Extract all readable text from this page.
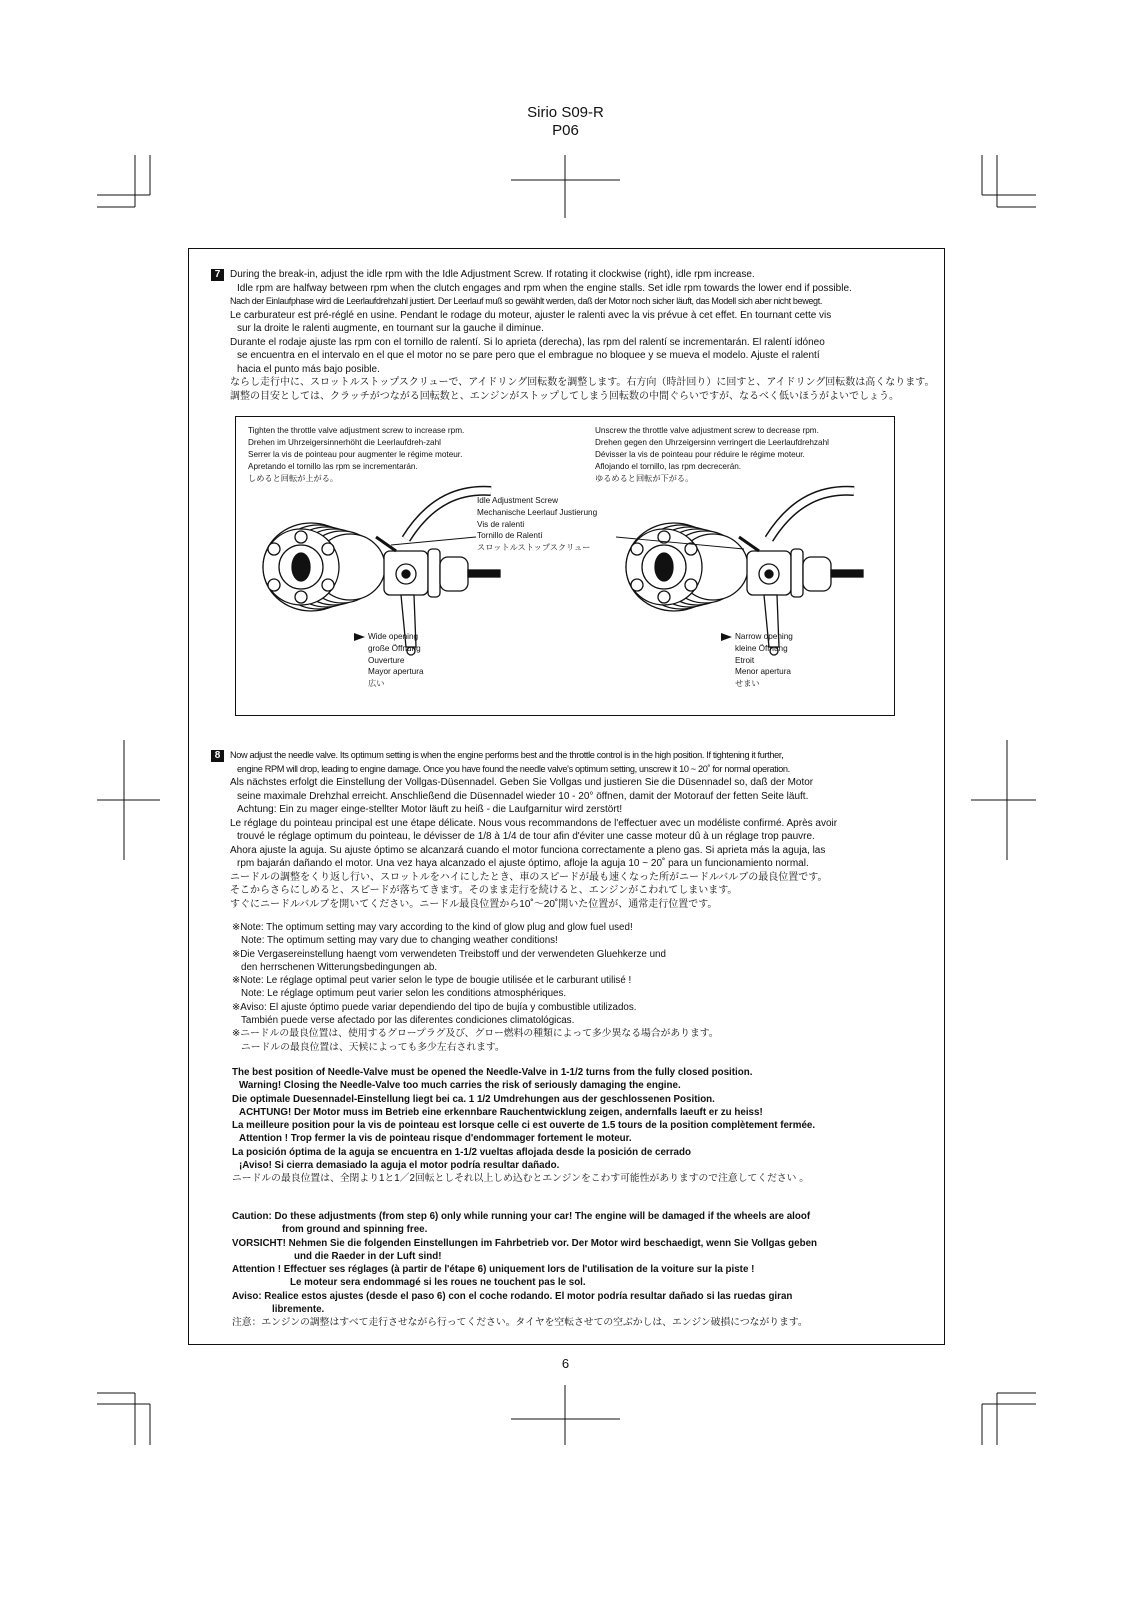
Sirio S09-R
P06
7 During the break-in, adjust the idle rpm with the Idle Adjustment Screw. If rotating it clockwise (right), idle rpm increase.
Idle rpm are halfway between rpm when the clutch engages and rpm when the engine stalls. Set idle rpm towards the lower end if possible.
Nach der Einlaufphase wird die Leerlaufdrehzahl justiert. Der Leerlauf muß so gewählt werden, daß der Motor noch sicher läuft, das Modell sich aber nicht bewegt.
Le carburateur est pré-réglé en usine. Pendant le rodage du moteur, ajuster le ralenti avec la vis prévue à cet effet. En tournant cette vis
sur la droite le ralenti augmente, en tournant sur la gauche il diminue.
Durante el rodaje ajuste las rpm con el tornillo de ralentí. Si lo aprieta (derecha), las rpm del ralentí se incrementarán. El ralentí idóneo
se encuentra en el intervalo en el que el motor no se pare pero que el embrague no bloquee y se mueva el modelo. Ajuste el ralentí
hacia el punto más bajo posible.
ならし走行中に、スロットルストップスクリューで、アイドリング回転数を調整します。右方向（時計回り）に回すと、アイドリング回転数は高くなります。
調整の目安としては、クラッチがつながる回転数と、エンジンがストップしてしまう回転数の中間ぐらいですが、なるべく低いほうがよいでしょう。
Tighten the throttle valve adjustment screw to increase rpm.
Drehen im Uhrzeigersinnerhöht die Leerlaufdreh-zahl
Serrer la vis de pointeau pour augmenter le régime moteur.
Apretando el tornillo las rpm se incrementarán.
しめると回転が上がる。
Unscrew the throttle valve adjustment screw to decrease rpm.
Drehen gegen den Uhrzeigersinn verringert die Leerlaufdrehzahl
Dévisser la vis de pointeau pour réduire le régime moteur.
Aflojando el tornillo, las rpm decrecerán.
ゆるめると回転が下がる。
Idle Adjustment Screw
Mechanische Leerlauf Justierung
Vis de ralenti
Tornillo de Ralentí
スロットルストップスクリュー
Wide opening
große Öffnung
Ouverture
Mayor apertura
広い
Narrow opening
kleine Öffnung
Etroit
Menor apertura
せまい
8	Now adjust the needle valve. Its optimum setting is when the engine performs best and the throttle control is in the high position. If tightening it further,
engine RPM will drop, leading to engine damage. Once you have found the needle valve's optimum setting, unscrew it 10 ~ 20˚ for normal operation.
Als nächstes erfolgt die Einstellung der Vollgas-Düsennadel. Geben Sie Vollgas und justieren Sie die Düsennadel so, daß der Motor
seine maximale Drehzhal erreicht. Anschließend die Düsennadel wieder 10 - 20° öffnen, damit der Motorauf der fetten Seite läuft.
Achtung: Ein zu mager einge-stellter Motor läuft zu heiß - die Laufgarnitur wird zerstört!
Le réglage du pointeau principal est une étape délicate. Nous vous recommandons de l'effectuer avec un modéliste confirmé. Après avoir
trouvé le réglage optimum du pointeau, le dévisser de 1/8 à 1/4 de tour afin d'éviter une casse moteur dû à un réglage trop pauvre.
Ahora ajuste la aguja. Su ajuste óptimo se alcanzará cuando el motor funciona correctamente a pleno gas. Si aprieta más la aguja, las
rpm bajarán dañando el motor. Una vez haya alcanzado el ajuste óptimo, afloje la aguja 10 ~ 20˚ para un funcionamiento normal.
ニードルの調整をくり返し行い、スロットルをハイにしたとき、車のスピードが最も速くなった所がニードルバルブの最良位置です。
そこからさらにしめると、スピードが落ちてきます。そのまま走行を続けると、エンジンがこわれてしまいます。
すぐにニードルバルブを開いてください。ニードル最良位置から10˚～20˚開いた位置が、通常走行位置です。
※Note: The optimum setting may vary according to the kind of glow plug and glow fuel used!
Note: The optimum setting may vary due to changing weather conditions!
※Die Vergasereinstellung haengt vom verwendeten Treibstoff und der verwendeten Gluehkerze und
den herrschenen Witterungsbedingungen ab.
※Note: Le réglage optimal peut varier selon le type de bougie utilisée et le carburant utilisé !
Note: Le réglage optimum peut varier selon les conditions atmosphériques.
※Aviso: El ajuste óptimo puede variar dependiendo del tipo de bujía y combustible utilizados.
También puede verse afectado por las diferentes condiciones climatológicas.
※ニードルの最良位置は、使用するグロープラグ及び、グロー燃料の種類によって多少異なる場合があります。
ニードルの最良位置は、天候によっても多少左右されます。
The best position of Needle-Valve must be opened the Needle-Valve in 1-1/2 turns from the fully closed position.
Warning! Closing the Needle-Valve too much carries the risk of seriously damaging the engine.
Die optimale Duesennadel-Einstellung liegt bei ca. 1 1/2 Umdrehungen aus der geschlossenen Position.
ACHTUNG! Der Motor muss im Betrieb eine erkennbare Rauchentwicklung zeigen, andernfalls laeuft er zu heiss!
La meilleure position pour la vis de pointeau est lorsque celle ci est ouverte de 1.5 tours de la position complètement fermée.
Attention ! Trop fermer la vis de pointeau risque d'endommager fortement le moteur.
La posición óptima de la aguja se encuentra en 1-1/2 vueltas aflojada desde la posición de cerrado
¡Aviso! Si cierra demasiado la aguja el motor podría resultar dañado.
ニードルの最良位置は、全閉より1と1／2回転としそれ以上しめ込むとエンジンをこわす可能性がありますので注意してください 。
Caution: Do these adjustments (from step 6) only while running your car! The engine will be damaged if the wheels are aloof
from ground and spinning free.
VORSICHT! Nehmen Sie die folgenden Einstellungen im Fahrbetrieb vor. Der Motor wird beschaedigt, wenn Sie Vollgas geben
und die Raeder in der Luft sind!
Attention ! Effectuer ses réglages (à partir de l'étape 6) uniquement lors de l'utilisation de la voiture sur la piste !
Le moteur sera endommagé si les roues ne touchent pas le sol.
Aviso: Realice estos ajustes (desde el paso 6) con el coche rodando. El motor podría resultar dañado si las ruedas giran
libremente.
注意：エンジンの調整はすべて走行させながら行ってください。タイヤを空転させての空ぶかしは、エンジン破損につながります。
6
